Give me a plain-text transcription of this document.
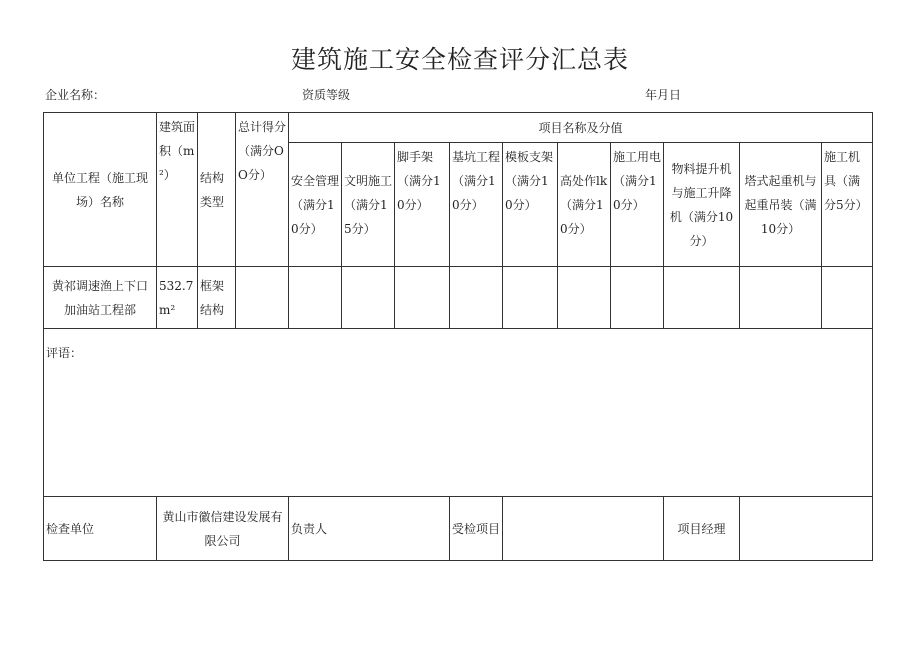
建筑施工安全检查评分汇总表
企业名称：	资质等级	年月日
单位工程（施工现场）名称	建筑面积（m²）	结构类型	总计得分（满分OO分）	项目名称及分值									

				安全管理（满分10分）	文明施工（满分15分）	脚手架（满分10分）	基坑工程（满分10分）	模板支架（满分10分）	高处作lk（满分10分）	施工用电（满分10分）	物料提升机与施工升降机（满分10分）	塔式起重机与起重吊装（满10分）	施工机具（满分5分）

黄祁调速渔上下口加油站工程部	532.7m²	框架结构											

评语：													

检查单位	黄山市徽信建设发展有限公司			负责人			受检项目				项目经理		
